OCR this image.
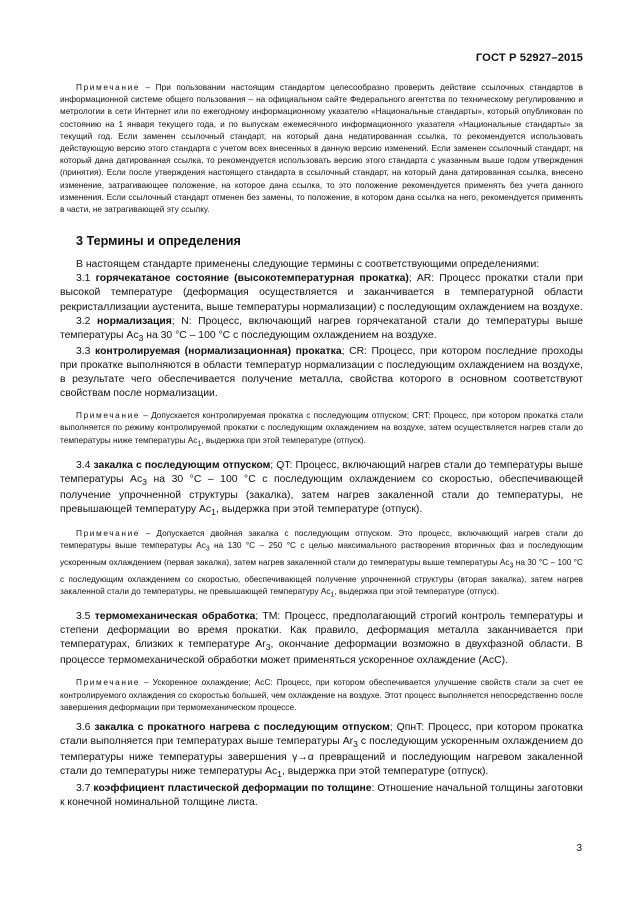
ГОСТ Р 52927–2015

Примечание – При пользовании настоящим стандартом целесообразно проверить действие ссылочных стандартов в информационной системе общего пользования – на официальном сайте Федерального агентства по техническому регулированию и метрологии в сети Интернет или по ежегодному информационному указателю «Национальные стандарты», который опубликован по состоянию на 1 января текущего года, и по выпускам ежемесячного информационного указателя «Национальные стандарты» за текущий год. Если заменен ссылочный стандарт, на который дана недатированная ссылка, то рекомендуется использовать действующую версию этого стандарта с учетом всех внесенных в данную версию изменений. Если заменен ссылочный стандарт, на который дана датированная ссылка, то рекомендуется использовать версию этого стандарта с указанным выше годом утверждения (принятия). Если после утверждения настоящего стандарта в ссылочный стандарт, на который дана датированная ссылка, внесено изменение, затрагивающее положение, на которое дана ссылка, то это положение рекомендуется применять без учета данного изменения. Если ссылочный стандарт отменен без замены, то положение, в котором дана ссылка на него, рекомендуется применять в части, не затрагивающей эту ссылку.

3 Термины и определения

В настоящем стандарте применены следующие термины с соответствующими определениями:

3.1 горячекатаное состояние (высокотемпературная прокатка); AR: Процесс прокатки стали при высокой температуре (деформация осуществляется и заканчивается в температурной области рекристаллизации аустенита, выше температуры нормализации) с последующим охлаждением на воздухе.

3.2 нормализация; N: Процесс, включающий нагрев горячекатаной стали до температуры выше температуры $Ac_3$ на 30 °C – 100 °C с последующим охлаждением на воздухе.

3.3 контролируемая (нормализационная) прокатка; CR: Процесс, при котором последние проходы при прокатке выполняются в области температур нормализации с последующим охлаждением на воздухе, в результате чего обеспечивается получение металла, свойства которого в основном соответствуют свойствам после нормализации.

Примечание – Допускается контролируемая прокатка с последующим отпуском; CRT: Процесс, при котором прокатка стали выполняется по режиму контролируемой прокатки с последующим охлаждением на воздухе, затем осуществляется нагрев стали до температуры ниже температуры $Ac_1$, выдержка при этой температуре (отпуск).

3.4 закалка с последующим отпуском; QT: Процесс, включающий нагрев стали до температуры выше температуры $Ac_3$ на 30 °C – 100 °C с последующим охлаждением со скоростью, обеспечивающей получение упрочненной структуры (закалка), затем нагрев закаленной стали до температуры, не превышающей температуру $Ac_1$, выдержка при этой температуре (отпуск).

Примечание – Допускается двойная закалка с последующим отпуском. Это процесс, включающий нагрев стали до температуры выше температуры $Ac_3$ на 130 °C – 250 °C с целью максимального растворения вторичных фаз и последующим ускоренным охлаждением (первая закалка), затем нагрев закаленной стали до температуры выше температуры $Ac_3$ на 30 °C – 100 °C с последующим охлаждением со скоростью, обеспечивающей получение упрочненной структуры (вторая закалка), затем нагрев закаленной стали до температуры, не превышающей температуру $Ac_1$, выдержка при этой температуре (отпуск).

3.5 термомеханическая обработка; TM: Процесс, предполагающий строгий контроль температуры и степени деформации во время прокатки. Как правило, деформация металла заканчивается при температурах, близких к температуре $Ar_3$, окончание деформации возможно в двухфазной области. В процессе термомеханической обработки может применяться ускоренное охлаждение (AcC).

Примечание – Ускоренное охлаждение; AcC: Процесс, при котором обеспечивается улучшение свойств стали за счет ее контролируемого охлаждения со скоростью большей, чем охлаждение на воздухе. Этот процесс выполняется непосредственно после завершения деформации при термомеханическом процессе.

3.6 закалка с прокатного нагрева с последующим отпуском; QпнT: Процесс, при котором прокатка стали выполняется при температурах выше температуры $Ar_3$ с последующим ускоренным охлаждением до температуры ниже температуры завершения γ→α превращений и последующим нагревом закаленной стали до температуры ниже температуры $Ac_1$, выдержка при этой температуре (отпуск).

3.7 коэффициент пластической деформации по толщине: Отношение начальной толщины заготовки к конечной номинальной толщине листа.

3
